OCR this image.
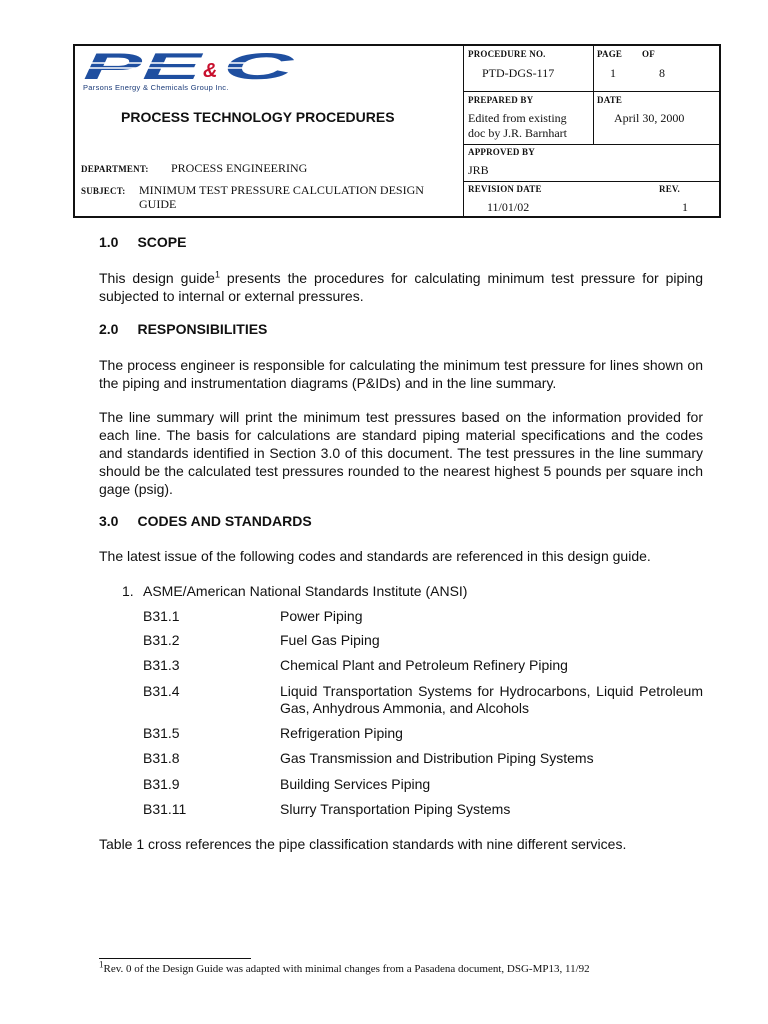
PE
& C
Parsons Energy & Chemicals Group Inc.
PROCESS TECHNOLOGY PROCEDURES
DEPARTMENT: PROCESS ENGINEERING
SUBJECT: MINIMUM TEST PRESSURE CALCULATION DESIGN
GUIDE
PROCEDURE NO.
PTD-DGS-117
PAGE OF
1	8
PREPARED BY
Edited from existing
doc by J.R. Barnhart
DATE
April 30, 2000
APPROVED BY
JRB
REVISION DATE
11/01/02
REV.
1
1.0 SCOPE
This design guide$^1$ presents the procedures for calculating minimum test pressure for piping subjected to internal or external pressures.
2.0 RESPONSIBILITIES
The process engineer is responsible for calculating the minimum test pressure for lines shown on the piping and instrumentation diagrams (P&IDs) and in the line summary.
The line summary will print the minimum test pressures based on the information provided for each line. The basis for calculations are standard piping material specifications and the codes and standards identified in Section 3.0 of this document. The test pressures in the line summary should be the calculated test pressures rounded to the nearest highest 5 pounds per square inch gage (psig).
3.0 CODES AND STANDARDS
The latest issue of the following codes and standards are referenced in this design guide.
1. ASME/American National Standards Institute (ANSI)
B31.1	Power Piping
B31.2	Fuel Gas Piping
B31.3	Chemical Plant and Petroleum Refinery Piping
B31.4	Liquid Transportation Systems for Hydrocarbons, Liquid Petroleum Gas, Anhydrous Ammonia, and Alcohols
B31.5	Refrigeration Piping
B31.8	Gas Transmission and Distribution Piping Systems
B31.9	Building Services Piping
B31.11	Slurry Transportation Piping Systems
Table 1 cross references the pipe classification standards with nine different services.
$^1$Rev. 0 of the Design Guide was adapted with minimal changes from a Pasadena document, DSG-MP13, 11/92
